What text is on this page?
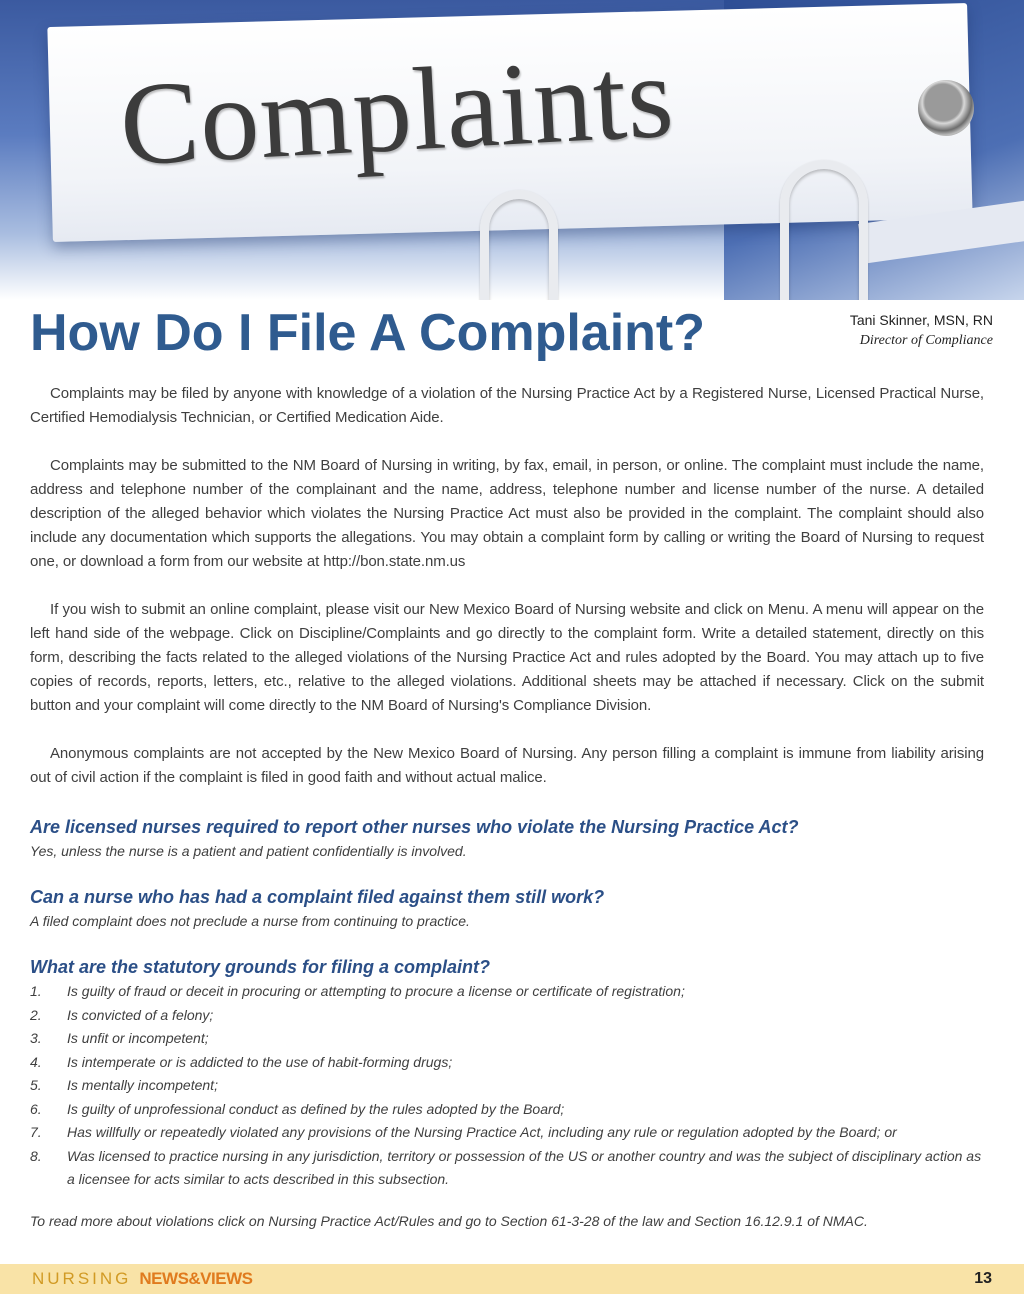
Complaints
How Do I File A Complaint?	Tani Skinner, MSN, RN
Director of Compliance

Complaints may be filed by anyone with knowledge of a violation of the Nursing Practice Act by a Registered Nurse, Licensed Practical Nurse, Certified Hemodialysis Technician, or Certified Medication Aide.

Complaints may be submitted to the NM Board of Nursing in writing, by fax, email, in person, or online. The complaint must include the name, address and telephone number of the complainant and the name, address, telephone number and license number of the nurse. A detailed description of the alleged behavior which violates the Nursing Practice Act must also be provided in the complaint. The complaint should also include any documentation which supports the allegations. You may obtain a complaint form by calling or writing the Board of Nursing to request one, or download a form from our website at http://bon.state.nm.us

If you wish to submit an online complaint, please visit our New Mexico Board of Nursing website and click on Menu. A menu will appear on the left hand side of the webpage. Click on Discipline/Complaints and go directly to the complaint form. Write a detailed statement, directly on this form, describing the facts related to the alleged violations of the Nursing Practice Act and rules adopted by the Board. You may attach up to five copies of records, reports, letters, etc., relative to the alleged violations. Additional sheets may be attached if necessary. Click on the submit button and your complaint will come directly to the NM Board of Nursing's Compliance Division.

Anonymous complaints are not accepted by the New Mexico Board of Nursing. Any person filling a complaint is immune from liability arising out of civil action if the complaint is filed in good faith and without actual malice.

Are licensed nurses required to report other nurses who violate the Nursing Practice Act?

Yes, unless the nurse is a patient and patient confidentially is involved.

Can a nurse who has had a complaint filed against them still work?

A filed complaint does not preclude a nurse from continuing to practice.

What are the statutory grounds for filing a complaint?

1.	Is guilty of fraud or deceit in procuring or attempting to procure a license or certificate of registration;
2.	Is convicted of a felony;
3.	Is unfit or incompetent;
4.	Is intemperate or is addicted to the use of habit-forming drugs;
5.	Is mentally incompetent;
6.	Is guilty of unprofessional conduct as defined by the rules adopted by the Board;
7.	Has willfully or repeatedly violated any provisions of the Nursing Practice Act, including any rule or regulation adopted by the Board; or
8.	Was licensed to practice nursing in any jurisdiction, territory or possession of the US or another country and was the subject of disciplinary action as a licensee for acts similar to acts described in this subsection.

To read more about violations click on Nursing Practice Act/Rules and go to Section 61-3-28 of the law and Section 16.12.9.1 of NMAC.

NURSING NEWS&VIEWS	13
